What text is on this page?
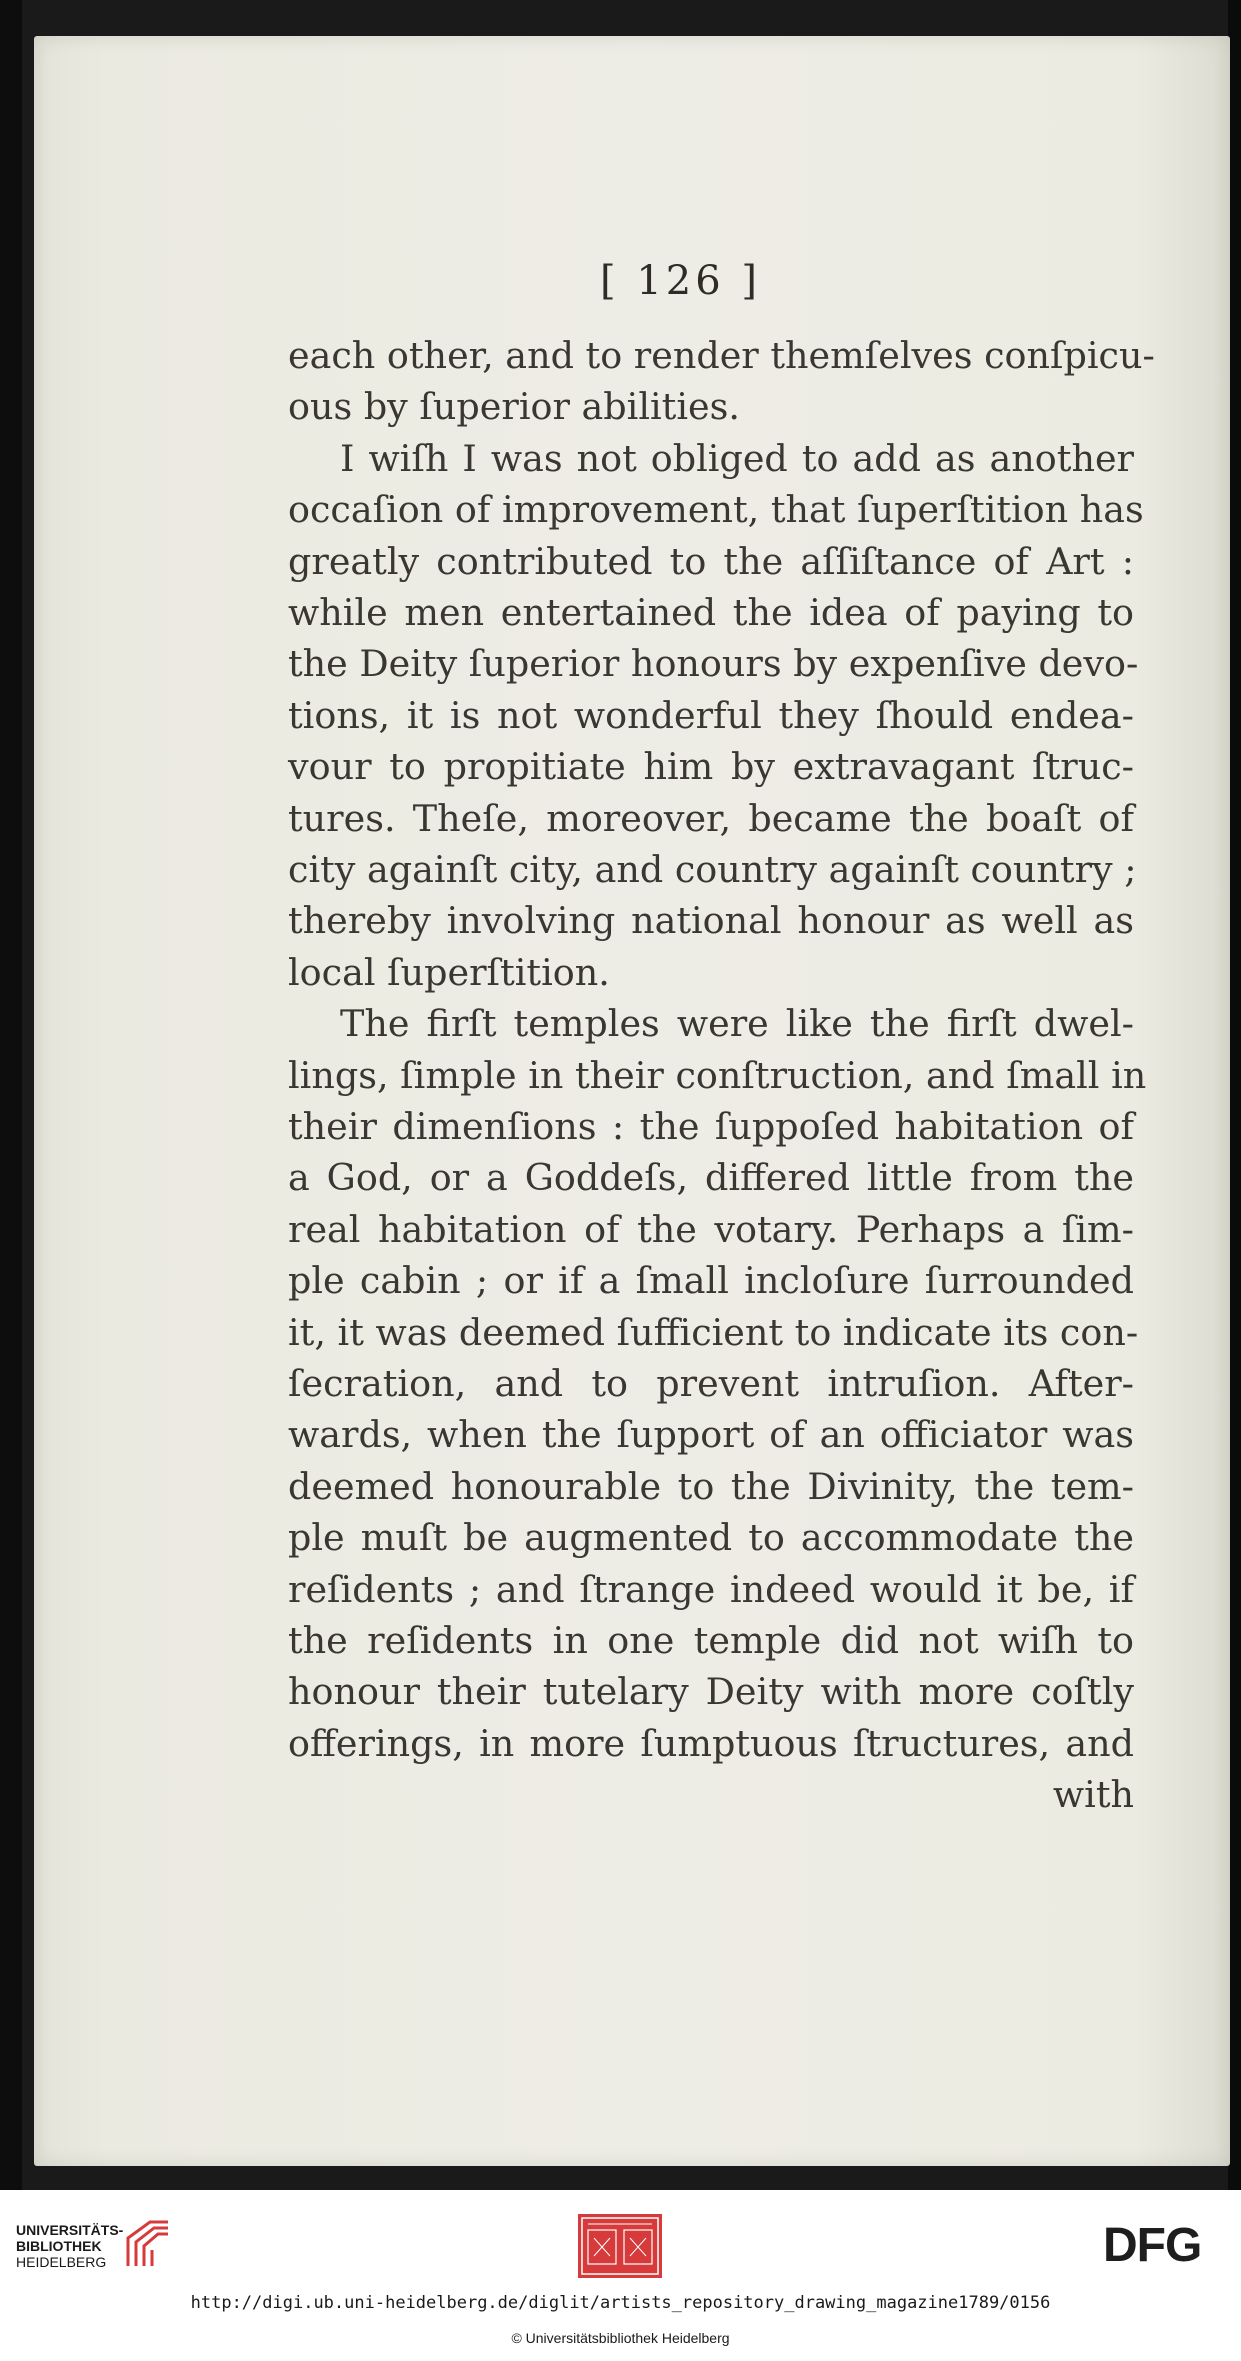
[ 126 ]
each other, and to render themſelves conſpicu-
ous by ſuperior abilities.
I wiſh I was not obliged to add as another
occaſion of improvement, that ſuperſtition has
greatly contributed to the aſſiſtance of Art :
while men entertained the idea of paying to
the Deity ſuperior honours by expenſive devo-
tions, it is not wonderful they ſhould endea-
vour to propitiate him by extravagant ſtruc-
tures. Theſe, moreover, became the boaſt of
city againſt city, and country againſt country ;
thereby involving national honour as well as
local ſuperſtition.
The firſt temples were like the firſt dwel-
lings, ſimple in their conſtruction, and ſmall in
their dimenſions : the ſuppoſed habitation of
a God, or a Goddeſs, differed little from the
real habitation of the votary. Perhaps a ſim-
ple cabin ; or if a ſmall incloſure ſurrounded
it, it was deemed ſufficient to indicate its con-
ſecration, and to prevent intruſion. After-
wards, when the ſupport of an officiator was
deemed honourable to the Divinity, the tem-
ple muſt be augmented to accommodate the
reſidents ; and ſtrange indeed would it be, if
the reſidents in one temple did not wiſh to
honour their tutelary Deity with more coſtly
offerings, in more ſumptuous ſtructures, and
with
UNIVERSITÄTS-
BIBLIOTHEK
HEIDELBERG	DFG
http://digi.ub.uni-heidelberg.de/diglit/artists_repository_drawing_magazine1789/0156
© Universitätsbibliothek Heidelberg
